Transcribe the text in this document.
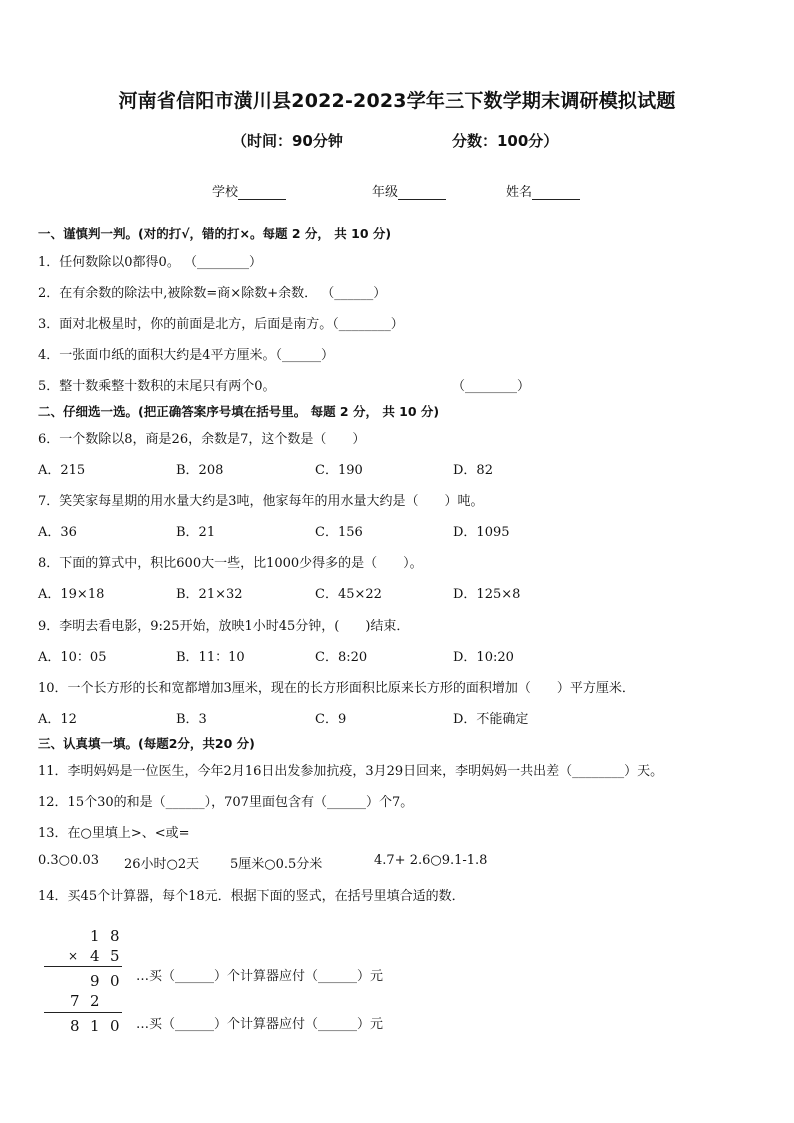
河南省信阳市潢川县2022-2023学年三下数学期末调研模拟试题
（时间：90分钟	分数：100分）
学校	年级	姓名
一、谨慎判一判。(对的打√，错的打×。每题 2 分， 共 10 分)
1．任何数除以0都得0。 （________）
2．在有余数的除法中,被除数=商×除数+余数． （______）
3．面对北极星时，你的前面是北方，后面是南方。（________）
4．一张面巾纸的面积大约是4平方厘米。（______）
5．整十数乘整十数积的末尾只有两个0。	（________）
二、仔细选一选。(把正确答案序号填在括号里。 每题 2 分， 共 10 分)
6．一个数除以8，商是26，余数是7，这个数是（　　）
A．215	B．208	C．190	D．82
7．笑笑家每星期的用水量大约是3吨，他家每年的用水量大约是（　　）吨。
A．36	B．21	C．156	D．1095
8．下面的算式中，积比600大一些，比1000少得多的是（　　）。
A．19×18	B．21×32	C．45×22	D．125×8
9．李明去看电影，9:25开始，放映1小时45分钟，(　　)结束．
A．10：05	B．11：10	C．8:20	D．10:20
10．一个长方形的长和宽都增加3厘米，现在的长方形面积比原来长方形的面积增加（　　）平方厘米．
A．12	B．3	C．9	D．不能确定
三、认真填一填。(每题2分，共20 分)
11．李明妈妈是一位医生，今年2月16日出发参加抗疫，3月29日回来，李明妈妈一共出差（________）天。
12．15个30的和是（______），707里面包含有（______）个7。
13．在○里填上>、<或=
0.3○0.03 26小时○2天 5厘米○0.5分米	4.7+ 2.6○9.1-1.8
14．买45个计算器，每个18元．根据下面的竖式，在括号里填合适的数．
1 8
× 4 5
9 0
7 2
8 1 0
…买（______）个计算器应付（______）元
…买（______）个计算器应付（______）元
